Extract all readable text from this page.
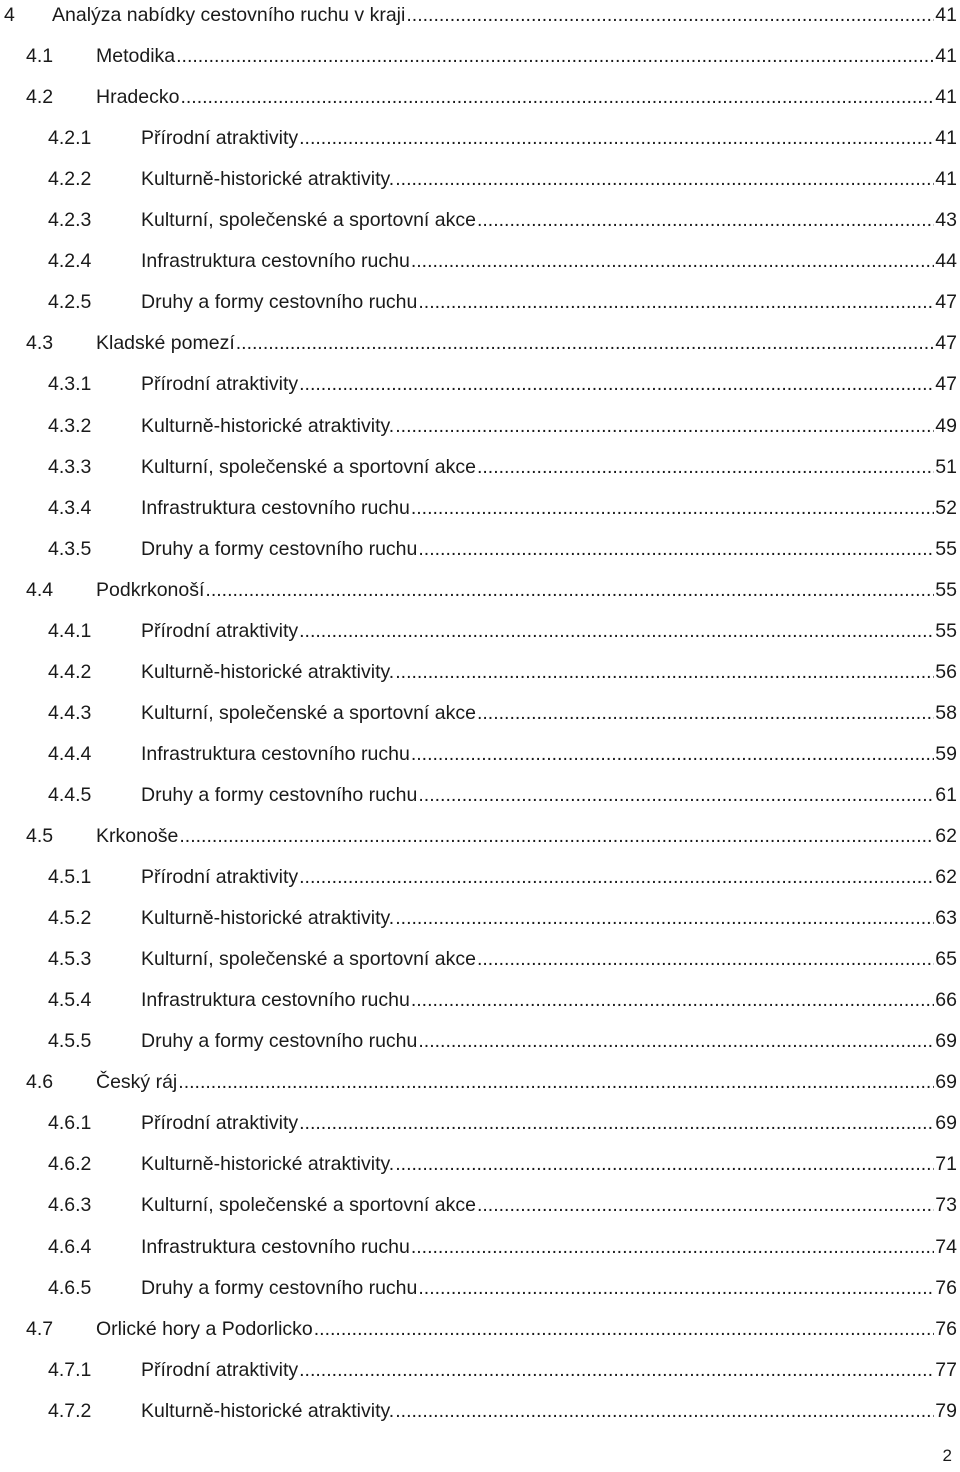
4	Analýza nabídky cestovního ruchu v kraji .....	41
4.1	Metodika .....	41
4.2	Hradecko .....	41
4.2.1	Přírodní atraktivity .....	41
4.2.2	Kulturně-historické atraktivity. .....	41
4.2.3	Kulturní, společenské a sportovní akce .....	43
4.2.4	Infrastruktura cestovního ruchu .....	44
4.2.5	Druhy a formy cestovního ruchu .....	47
4.3	Kladské pomezí .....	47
4.3.1	Přírodní atraktivity .....	47
4.3.2	Kulturně-historické atraktivity. .....	49
4.3.3	Kulturní, společenské a sportovní akce .....	51
4.3.4	Infrastruktura cestovního ruchu .....	52
4.3.5	Druhy a formy cestovního ruchu .....	55
4.4	Podkrkonoší .....	55
4.4.1	Přírodní atraktivity .....	55
4.4.2	Kulturně-historické atraktivity. .....	56
4.4.3	Kulturní, společenské a sportovní akce .....	58
4.4.4	Infrastruktura cestovního ruchu .....	59
4.4.5	Druhy a formy cestovního ruchu .....	61
4.5	Krkonoše .....	62
4.5.1	Přírodní atraktivity .....	62
4.5.2	Kulturně-historické atraktivity. .....	63
4.5.3	Kulturní, společenské a sportovní akce .....	65
4.5.4	Infrastruktura cestovního ruchu .....	66
4.5.5	Druhy a formy cestovního ruchu .....	69
4.6	Český ráj .....	69
4.6.1	Přírodní atraktivity .....	69
4.6.2	Kulturně-historické atraktivity. .....	71
4.6.3	Kulturní, společenské a sportovní akce .....	73
4.6.4	Infrastruktura cestovního ruchu .....	74
4.6.5	Druhy a formy cestovního ruchu .....	76
4.7	Orlické hory a Podorlicko .....	76
4.7.1	Přírodní atraktivity .....	77
4.7.2	Kulturně-historické atraktivity. .....	79
2
